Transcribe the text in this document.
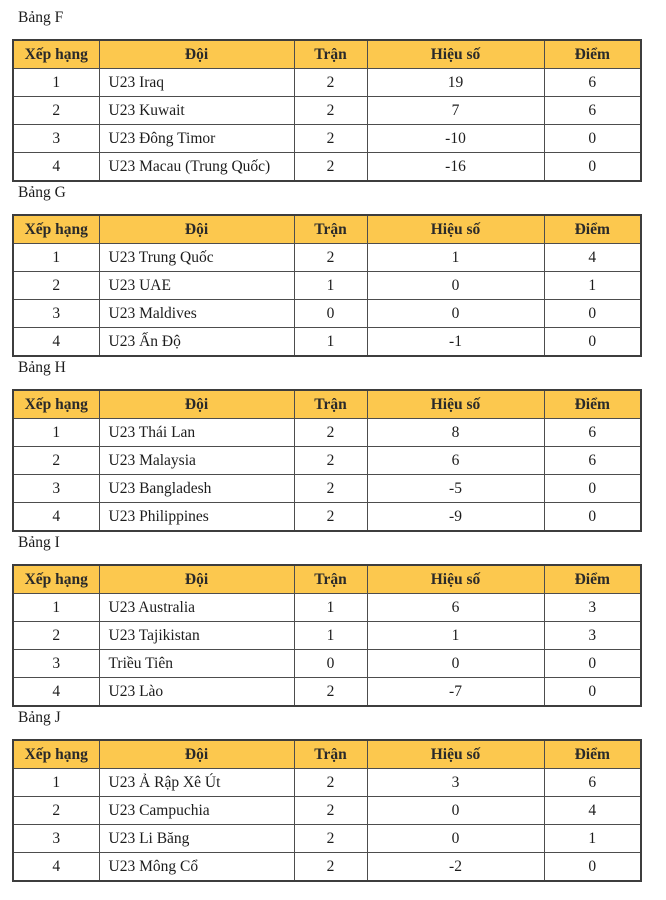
Bảng F
Xếp hạng	Đội	Trận	Hiệu số	Điểm
1	U23 Iraq	2	19	6
2	U23 Kuwait	2	7	6
3	U23 Đông Timor	2	-10	0
4	U23 Macau (Trung Quốc)	2	-16	0
Bảng G
Xếp hạng	Đội	Trận	Hiệu số	Điểm
1	U23 Trung Quốc	2	1	4
2	U23 UAE	1	0	1
3	U23 Maldives	0	0	0
4	U23 Ấn Độ	1	-1	0
Bảng H
Xếp hạng	Đội	Trận	Hiệu số	Điểm
1	U23 Thái Lan	2	8	6
2	U23 Malaysia	2	6	6
3	U23 Bangladesh	2	-5	0
4	U23 Philippines	2	-9	0
Bảng I
Xếp hạng	Đội	Trận	Hiệu số	Điểm
1	U23 Australia	1	6	3
2	U23 Tajikistan	1	1	3
3	Triều Tiên	0	0	0
4	U23 Lào	2	-7	0
Bảng J
Xếp hạng	Đội	Trận	Hiệu số	Điểm
1	U23 Ả Rập Xê Út	2	3	6
2	U23 Campuchia	2	0	4
3	U23 Li Băng	2	0	1
4	U23 Mông Cổ	2	-2	0
